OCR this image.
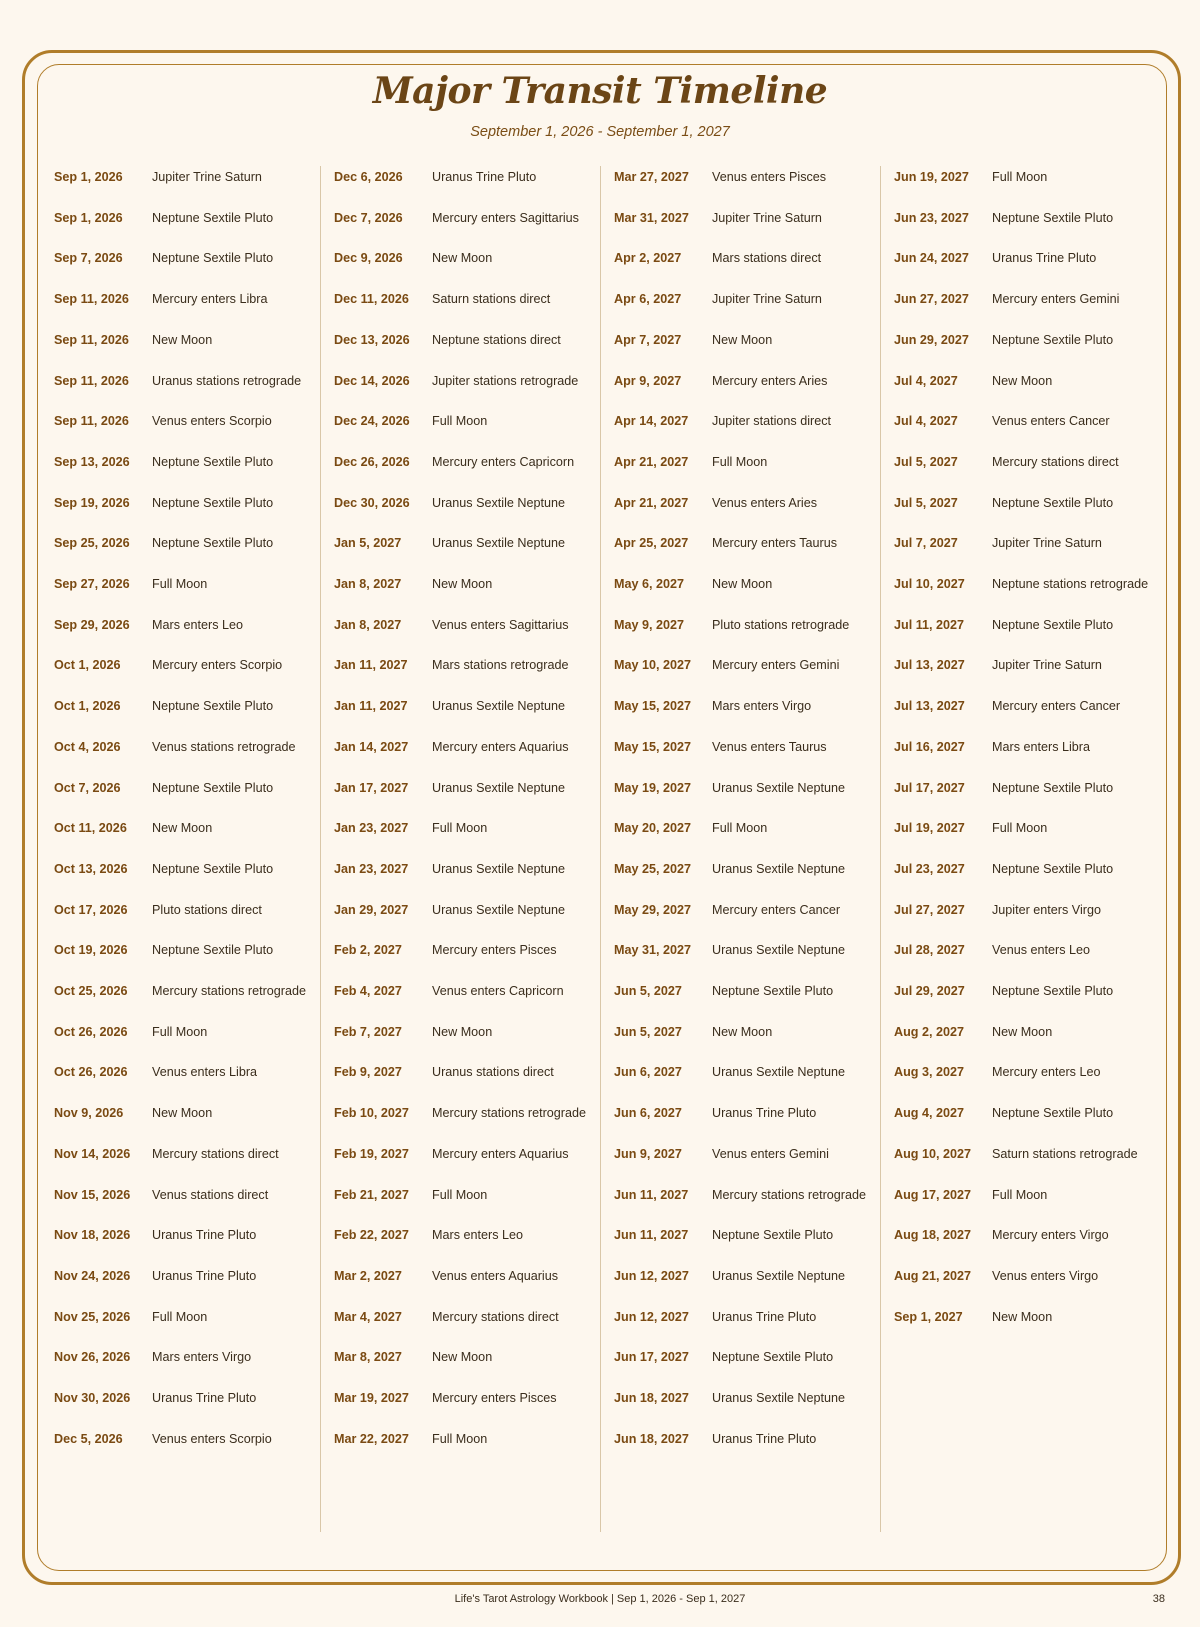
Major Transit Timeline
September 1, 2026 - September 1, 2027
Sep 1, 2026	Jupiter Trine Saturn
Sep 1, 2026	Neptune Sextile Pluto
Sep 7, 2026	Neptune Sextile Pluto
Sep 11, 2026	Mercury enters Libra
Sep 11, 2026	New Moon
Sep 11, 2026	Uranus stations retrograde
Sep 11, 2026	Venus enters Scorpio
Sep 13, 2026	Neptune Sextile Pluto
Sep 19, 2026	Neptune Sextile Pluto
Sep 25, 2026	Neptune Sextile Pluto
Sep 27, 2026	Full Moon
Sep 29, 2026	Mars enters Leo
Oct 1, 2026	Mercury enters Scorpio
Oct 1, 2026	Neptune Sextile Pluto
Oct 4, 2026	Venus stations retrograde
Oct 7, 2026	Neptune Sextile Pluto
Oct 11, 2026	New Moon
Oct 13, 2026	Neptune Sextile Pluto
Oct 17, 2026	Pluto stations direct
Oct 19, 2026	Neptune Sextile Pluto
Oct 25, 2026	Mercury stations retrograde
Oct 26, 2026	Full Moon
Oct 26, 2026	Venus enters Libra
Nov 9, 2026	New Moon
Nov 14, 2026	Mercury stations direct
Nov 15, 2026	Venus stations direct
Nov 18, 2026	Uranus Trine Pluto
Nov 24, 2026	Uranus Trine Pluto
Nov 25, 2026	Full Moon
Nov 26, 2026	Mars enters Virgo
Nov 30, 2026	Uranus Trine Pluto
Dec 5, 2026	Venus enters Scorpio
Dec 6, 2026	Uranus Trine Pluto
Dec 7, 2026	Mercury enters Sagittarius
Dec 9, 2026	New Moon
Dec 11, 2026	Saturn stations direct
Dec 13, 2026	Neptune stations direct
Dec 14, 2026	Jupiter stations retrograde
Dec 24, 2026	Full Moon
Dec 26, 2026	Mercury enters Capricorn
Dec 30, 2026	Uranus Sextile Neptune
Jan 5, 2027	Uranus Sextile Neptune
Jan 8, 2027	New Moon
Jan 8, 2027	Venus enters Sagittarius
Jan 11, 2027	Mars stations retrograde
Jan 11, 2027	Uranus Sextile Neptune
Jan 14, 2027	Mercury enters Aquarius
Jan 17, 2027	Uranus Sextile Neptune
Jan 23, 2027	Full Moon
Jan 23, 2027	Uranus Sextile Neptune
Jan 29, 2027	Uranus Sextile Neptune
Feb 2, 2027	Mercury enters Pisces
Feb 4, 2027	Venus enters Capricorn
Feb 7, 2027	New Moon
Feb 9, 2027	Uranus stations direct
Feb 10, 2027	Mercury stations retrograde
Feb 19, 2027	Mercury enters Aquarius
Feb 21, 2027	Full Moon
Feb 22, 2027	Mars enters Leo
Mar 2, 2027	Venus enters Aquarius
Mar 4, 2027	Mercury stations direct
Mar 8, 2027	New Moon
Mar 19, 2027	Mercury enters Pisces
Mar 22, 2027	Full Moon
Mar 27, 2027	Venus enters Pisces
Mar 31, 2027	Jupiter Trine Saturn
Apr 2, 2027	Mars stations direct
Apr 6, 2027	Jupiter Trine Saturn
Apr 7, 2027	New Moon
Apr 9, 2027	Mercury enters Aries
Apr 14, 2027	Jupiter stations direct
Apr 21, 2027	Full Moon
Apr 21, 2027	Venus enters Aries
Apr 25, 2027	Mercury enters Taurus
May 6, 2027	New Moon
May 9, 2027	Pluto stations retrograde
May 10, 2027	Mercury enters Gemini
May 15, 2027	Mars enters Virgo
May 15, 2027	Venus enters Taurus
May 19, 2027	Uranus Sextile Neptune
May 20, 2027	Full Moon
May 25, 2027	Uranus Sextile Neptune
May 29, 2027	Mercury enters Cancer
May 31, 2027	Uranus Sextile Neptune
Jun 5, 2027	Neptune Sextile Pluto
Jun 5, 2027	New Moon
Jun 6, 2027	Uranus Sextile Neptune
Jun 6, 2027	Uranus Trine Pluto
Jun 9, 2027	Venus enters Gemini
Jun 11, 2027	Mercury stations retrograde
Jun 11, 2027	Neptune Sextile Pluto
Jun 12, 2027	Uranus Sextile Neptune
Jun 12, 2027	Uranus Trine Pluto
Jun 17, 2027	Neptune Sextile Pluto
Jun 18, 2027	Uranus Sextile Neptune
Jun 18, 2027	Uranus Trine Pluto
Jun 19, 2027	Full Moon
Jun 23, 2027	Neptune Sextile Pluto
Jun 24, 2027	Uranus Trine Pluto
Jun 27, 2027	Mercury enters Gemini
Jun 29, 2027	Neptune Sextile Pluto
Jul 4, 2027	New Moon
Jul 4, 2027	Venus enters Cancer
Jul 5, 2027	Mercury stations direct
Jul 5, 2027	Neptune Sextile Pluto
Jul 7, 2027	Jupiter Trine Saturn
Jul 10, 2027	Neptune stations retrograde
Jul 11, 2027	Neptune Sextile Pluto
Jul 13, 2027	Jupiter Trine Saturn
Jul 13, 2027	Mercury enters Cancer
Jul 16, 2027	Mars enters Libra
Jul 17, 2027	Neptune Sextile Pluto
Jul 19, 2027	Full Moon
Jul 23, 2027	Neptune Sextile Pluto
Jul 27, 2027	Jupiter enters Virgo
Jul 28, 2027	Venus enters Leo
Jul 29, 2027	Neptune Sextile Pluto
Aug 2, 2027	New Moon
Aug 3, 2027	Mercury enters Leo
Aug 4, 2027	Neptune Sextile Pluto
Aug 10, 2027	Saturn stations retrograde
Aug 17, 2027	Full Moon
Aug 18, 2027	Mercury enters Virgo
Aug 21, 2027	Venus enters Virgo
Sep 1, 2027	New Moon
Life's Tarot Astrology Workbook | Sep 1, 2026 - Sep 1, 2027	38
